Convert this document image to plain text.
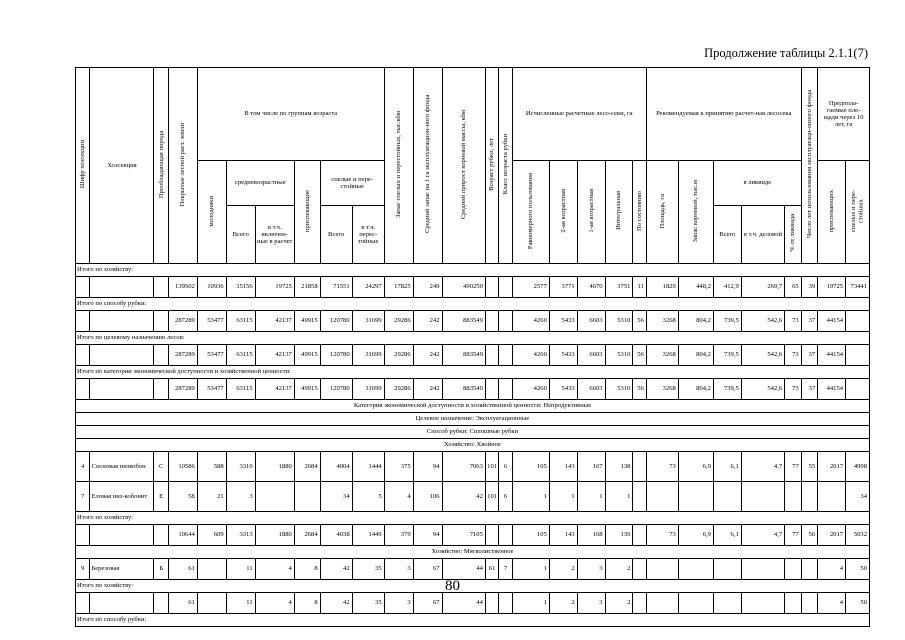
Продолжение таблицы 2.1.1(7)
Шифр хозсекции	Хозсекция	Преобладающая порода	Покрытые лесной раст. земли	В том числе по группам возраста						Запас спелых и перестойных, тыс.кбм	Средний запас на 1 га эксплуатацион-ного фонда	Средний прирост корневой массы, кбм	Возраст рубки, лет	Класс возраста рубки	Исчисленные расчетные лесо-секи, га					Рекомендуемая к принятию расчет-ная лесосека					Число лет использования эксплуатаци-онного фонда	Предпола-гаемые пло-щади через 10 лет, га	
				молодняки	средневозрастные		приспевающие	спелые и пере-стойные							Равномерного пользования	2-ая возрастная	1-ая возрастная	Интегральная	По состоянию	Площадь, га	Запас корневой, тыс.м	в ликвиде				приспевающих	спелых и пере-стойных
					Всего	в т.ч. включен-ные в расчет		Всего	в т.ч. перес-тойные													Всего	в т.ч. деловой	% от ликвида			
Итого по хозяйству:																											
			139502	10936	35156	19725	21858	71551	24297	17825	249	490250			2577	3771	4670	3751	11	1829	448,2	412,9	269,7	65	39	19725	73441
Итого по способу рубки:																											
			287289	53477	63115	42137	49915	120780	31699	29286	242	883549			4260	5433	6603	5310	56	3268	804,2	739,5	542,6	73	37	44154	
Итого по целевому назначению лесов:																											
			287289	53477	63115	42137	49915	120780	31699	29286	242	883549			4260	5433	6603	5310	56	3268	804,2	739,5	542,6	73	37	44154	
Итого по категории экономической доступности и хозяйственной ценности:																											
			287289	53477	63115	42137	49915	120780	31699	29286	242	883549			4260	5433	6603	5310	56	3268	804,2	739,5	542,6	73	37	44154	
Категория экономической доступности и хозяйственной ценности: Непродуктивные																											
Целевое назначение: Эксплуатационные																											
Способ рубки: Сплошные рубки																											
Хозяйство: Хвойное																											
4	Сосновая низкобон	С	10586	588	3310	1880	2684	4004	1444	375	94	7063	101	6	105	143	167	138		73	6,9	6,1	4,7	77	55	2017	4998
7	Еловая низ-кобонит	Е	58	21	3			34	5	4	106	42	101	6	1	1	1	1									34
Итого по хозяйству:																											
			10644	609	3313	1880	2684	4038	1449	379	94	7105			105	143	168	139		73	6,9	6,1	4,7	77	56	2017	5032
Хозяйство: Мягколиственное																											
9	Березовая	Б	61		11	4	8	42	35	3	67	44	61	7	1	2	3	2								4	50
Итого по хозяйству:																											
			61		11	4	8	42	35	3	67	44			1	2	3	2								4	50
Итого по способу рубки:																											
80
